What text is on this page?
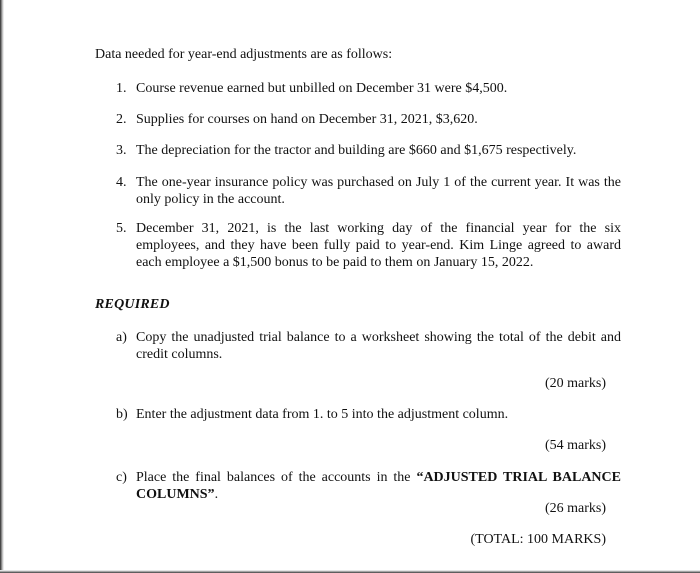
Data needed for year-end adjustments are as follows:
1. Course revenue earned but unbilled on December 31 were $4,500.
2. Supplies for courses on hand on December 31, 2021, $3,620.
3. The depreciation for the tractor and building are $660 and $1,675 respectively.
4. The one-year insurance policy was purchased on July 1 of the current year. It was the only policy in the account.
5. December 31, 2021, is the last working day of the financial year for the six employees, and they have been fully paid to year-end. Kim Linge agreed to award each employee a $1,500 bonus to be paid to them on January 15, 2022.
REQUIRED
a) Copy the unadjusted trial balance to a worksheet showing the total of the debit and credit columns.
(20 marks)
b) Enter the adjustment data from 1. to 5 into the adjustment column.
(54 marks)
c) Place the final balances of the accounts in the “ADJUSTED TRIAL BALANCE COLUMNS”.
(26 marks)
(TOTAL: 100 MARKS)
